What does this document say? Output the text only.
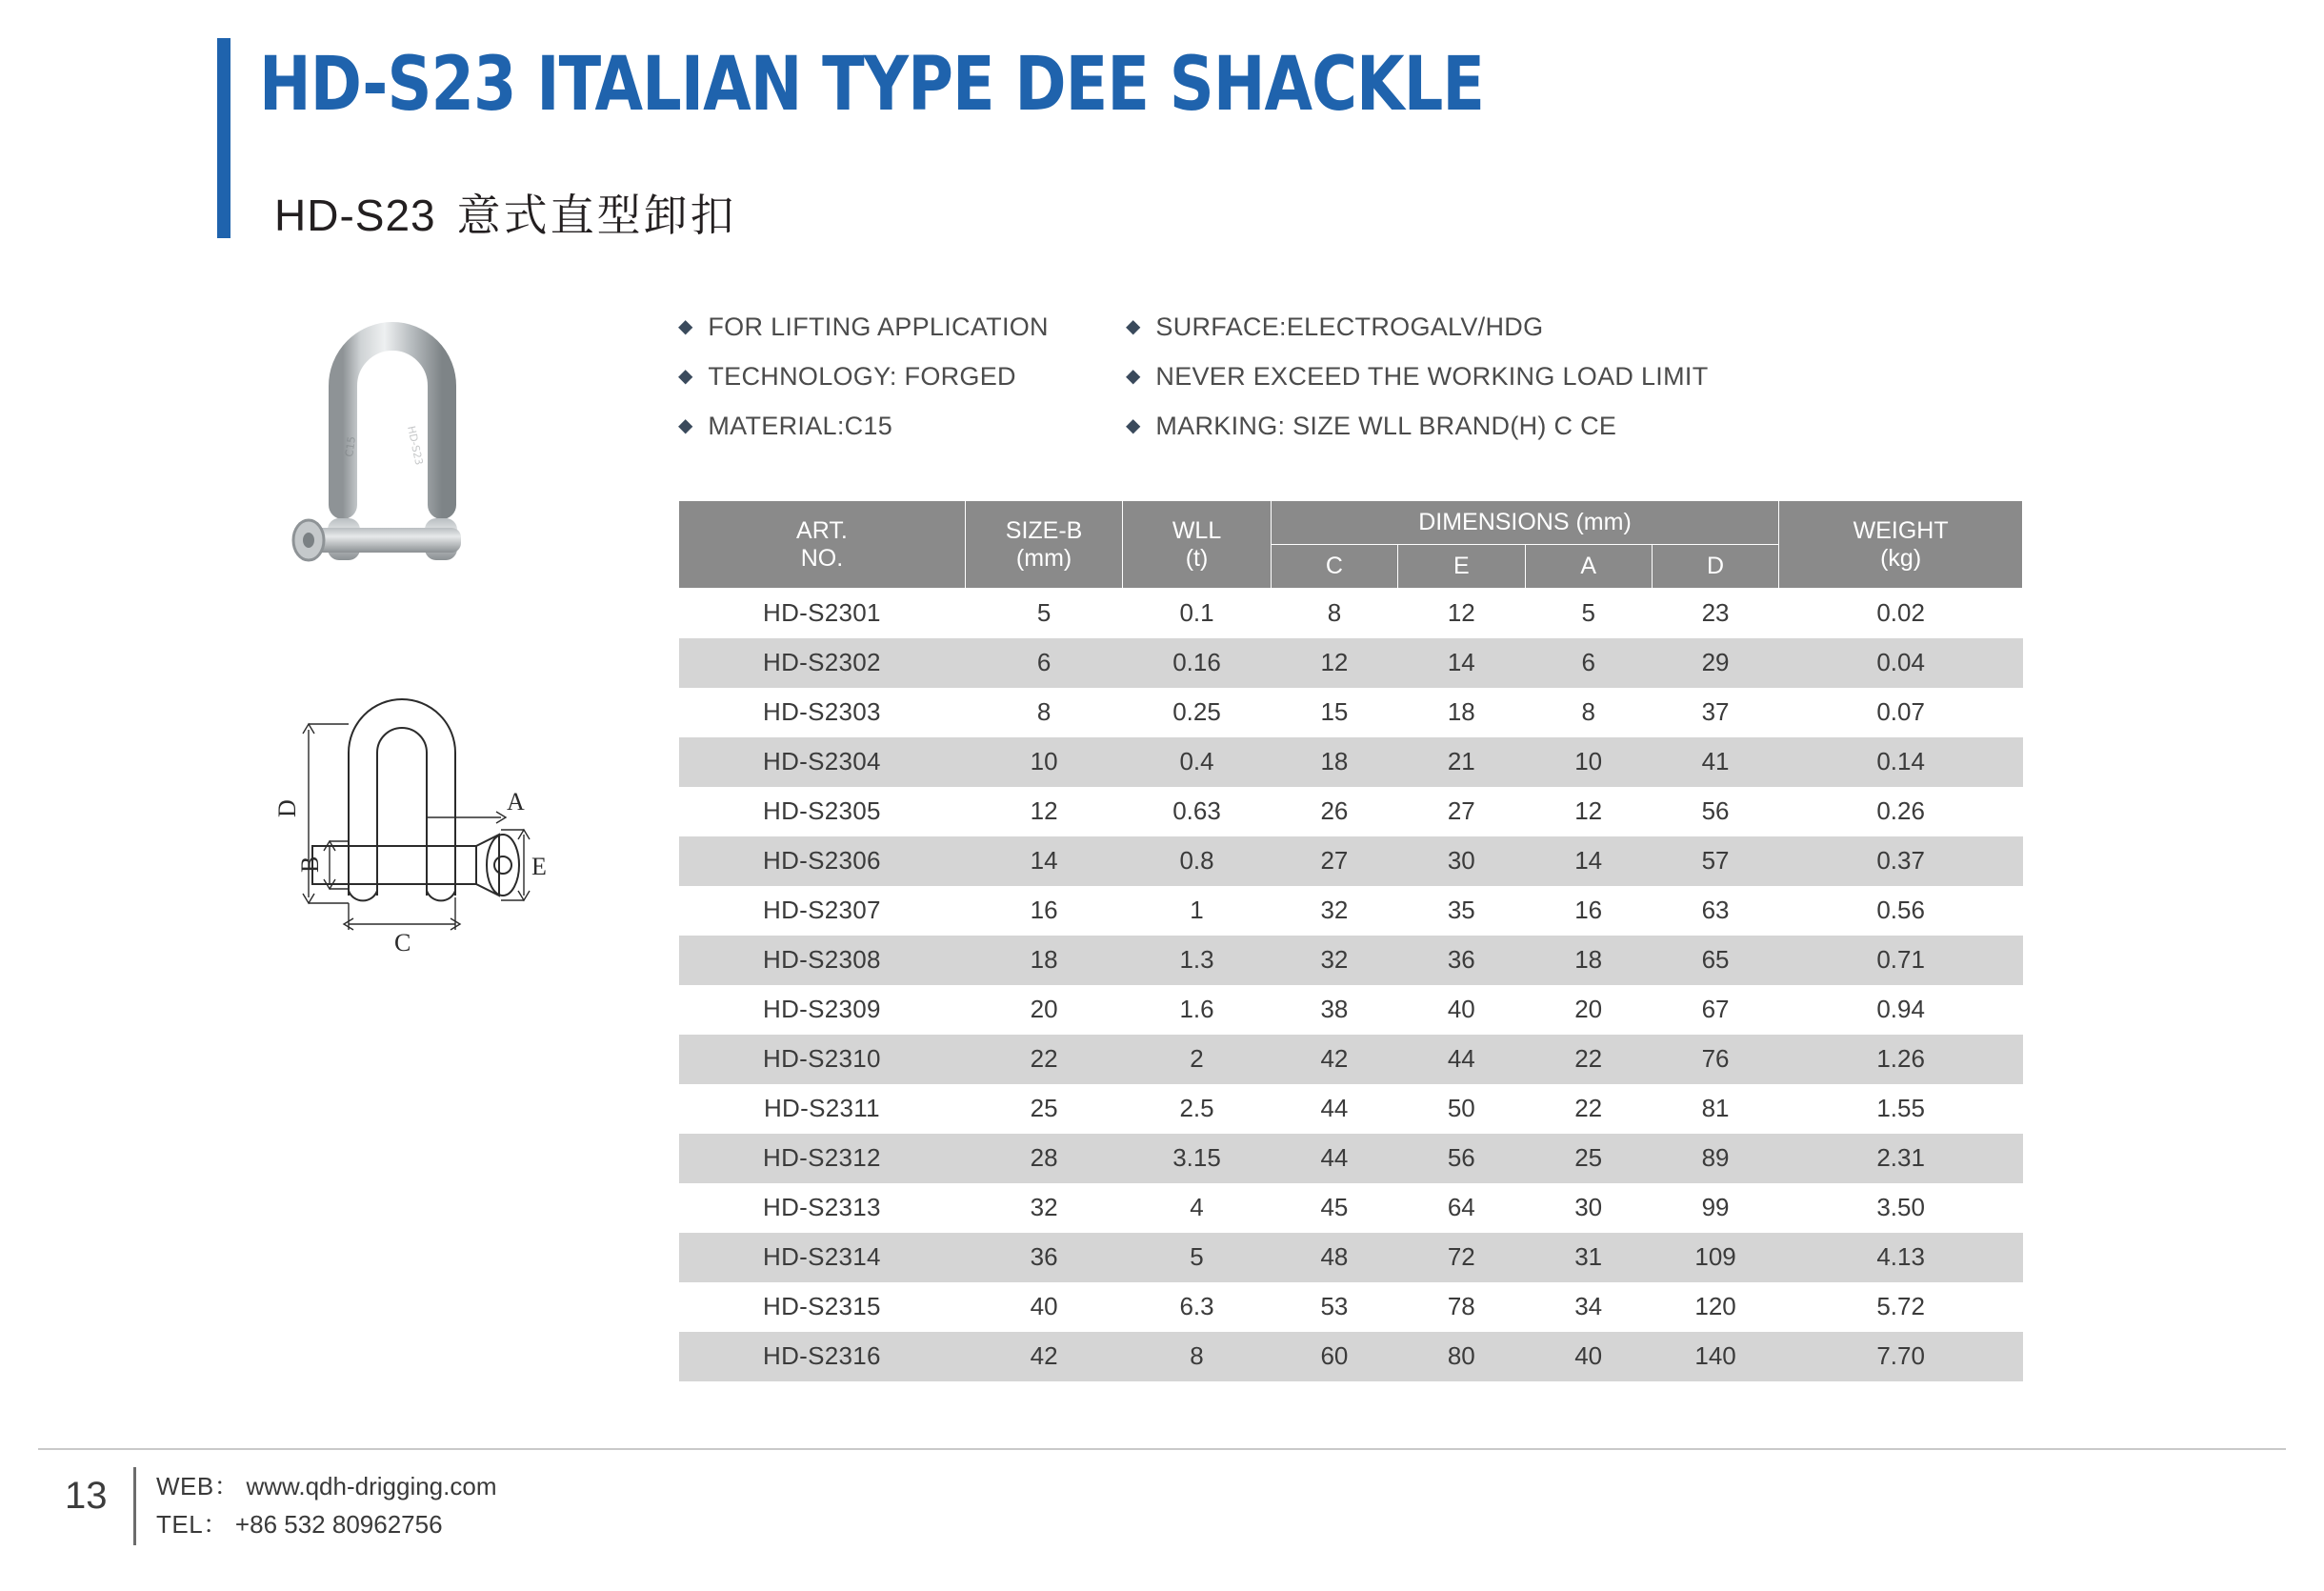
HD-S23 ITALIAN TYPE DEE SHACKLE
HD-S23 意式直型卸扣
HD-S23
C15
D
B
C
A
E
◆ FOR LIFTING APPLICATION	◆ SURFACE:ELECTROGALV/HDG
◆ TECHNOLOGY: FORGED	◆ NEVER EXCEED THE WORKING LOAD LIMIT
◆ MATERIAL:C15	◆ MARKING: SIZE WLL BRAND(H) C CE
ART.
NO.

SIZE-B
(mm)

WLL
(t)
	DIMENSIONS (mm)	WEIGHT
(kg)

			C	E	A	D	
HD-S2301	5	0.1	8	12	5	23	0.02
HD-S2302	6	0.16	12	14	6	29	0.04
HD-S2303	8	0.25	15	18	8	37	0.07
HD-S2304	10	0.4	18	21	10	41	0.14
HD-S2305	12	0.63	26	27	12	56	0.26
HD-S2306	14	0.8	27	30	14	57	0.37
HD-S2307	16	1	32	35	16	63	0.56
HD-S2308	18	1.3	32	36	18	65	0.71
HD-S2309	20	1.6	38	40	20	67	0.94
HD-S2310	22	2	42	44	22	76	1.26
HD-S2311	25	2.5	44	50	22	81	1.55
HD-S2312	28	3.15	44	56	25	89	2.31
HD-S2313	32	4	45	64	30	99	3.50
HD-S2314	36	5	48	72	31	109	4.13
HD-S2315	40	6.3	53	78	34	120	5.72
HD-S2316	42	8	60	80	40	140	7.70
13 WEB： www.qdh-drigging.com
TEL： +86 532 80962756
